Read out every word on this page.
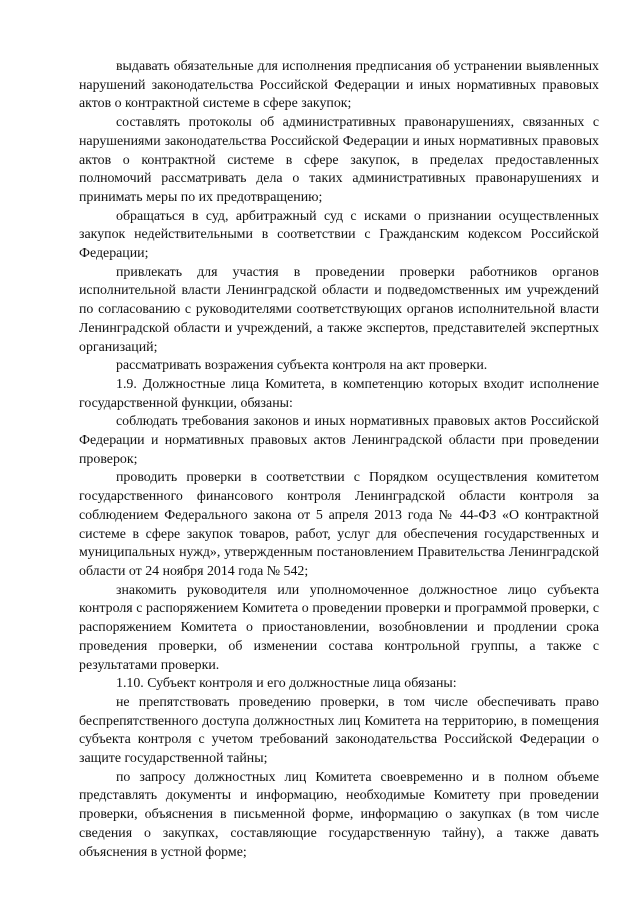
выдавать обязательные для исполнения предписания об устранении выявленных нарушений законодательства Российской Федерации и иных нормативных правовых актов о контрактной системе в сфере закупок;

составлять протоколы об административных правонарушениях, связанных с нарушениями законодательства Российской Федерации и иных нормативных правовых актов о контрактной системе в сфере закупок, в пределах предоставленных полномочий рассматривать дела о таких административных правонарушениях и принимать меры по их предотвращению;

обращаться в суд, арбитражный суд с исками о признании осуществленных закупок недействительными в соответствии с Гражданским кодексом Российской Федерации;

привлекать для участия в проведении проверки работников органов исполнительной власти Ленинградской области и подведомственных им учреждений по согласованию с руководителями соответствующих органов исполнительной власти Ленинградской области и учреждений, а также экспертов, представителей экспертных организаций;

рассматривать возражения субъекта контроля на акт проверки.

1.9. Должностные лица Комитета, в компетенцию которых входит исполнение государственной функции, обязаны:

соблюдать требования законов и иных нормативных правовых актов Российской Федерации и нормативных правовых актов Ленинградской области при проведении проверок;

проводить проверки в соответствии с Порядком осуществления комитетом государственного финансового контроля Ленинградской области контроля за соблюдением Федерального закона от 5 апреля 2013 года № 44-ФЗ «О контрактной системе в сфере закупок товаров, работ, услуг для обеспечения государственных и муниципальных нужд», утвержденным постановлением Правительства Ленинградской области от 24 ноября 2014 года № 542;

знакомить руководителя или уполномоченное должностное лицо субъекта контроля с распоряжением Комитета о проведении проверки и программой проверки, с распоряжением Комитета о приостановлении, возобновлении и продлении срока проведения проверки, об изменении состава контрольной группы, а также с результатами проверки.

1.10. Субъект контроля и его должностные лица обязаны:

не препятствовать проведению проверки, в том числе обеспечивать право беспрепятственного доступа должностных лиц Комитета на территорию, в помещения субъекта контроля с учетом требований законодательства Российской Федерации о защите государственной тайны;

по запросу должностных лиц Комитета своевременно и в полном объеме представлять документы и информацию, необходимые Комитету при проведении проверки, объяснения в письменной форме, информацию о закупках (в том числе сведения о закупках, составляющие государственную тайну), а также давать объяснения в устной форме;
